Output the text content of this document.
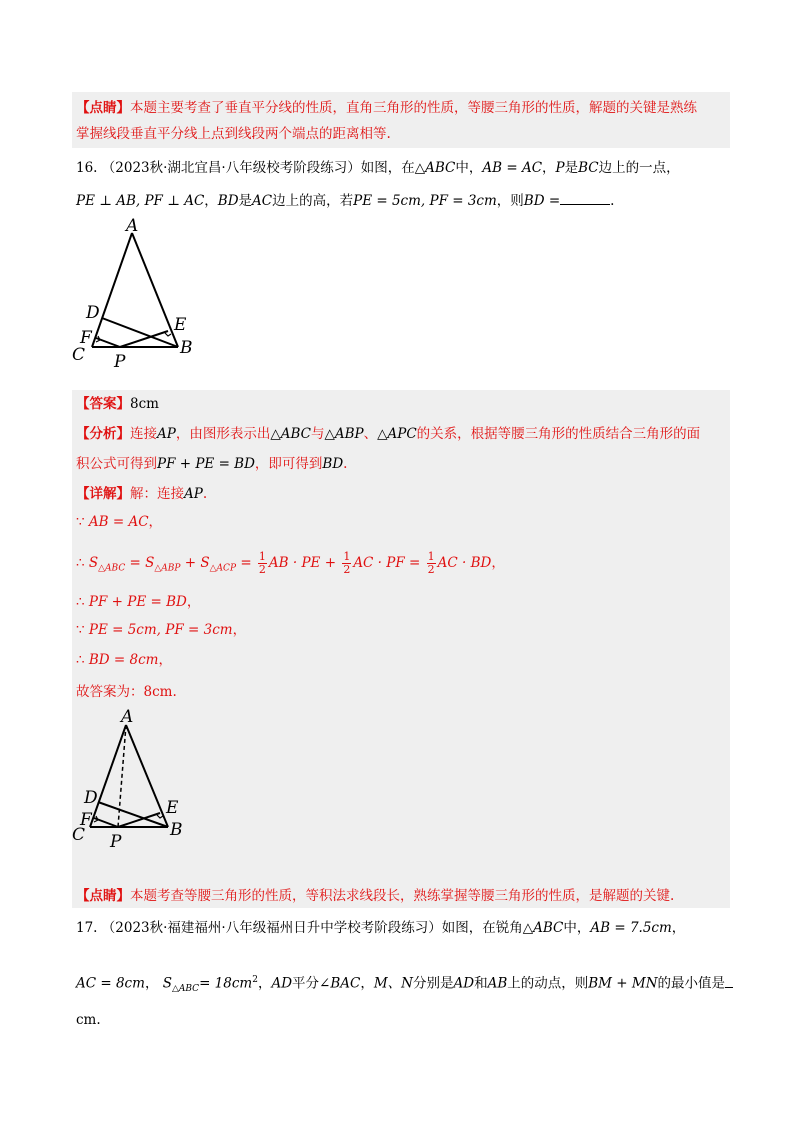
【点睛】本题主要考查了垂直平分线的性质，直角三角形的性质，等腰三角形的性质，解题的关键是熟练
掌握线段垂直平分线上点到线段两个端点的距离相等.
16. （2023秋·湖北宜昌·八年级校考阶段练习）如图，在△ABC中，AB = AC，P是BC边上的一点，
PE ⊥ AB, PF ⊥ AC，BD是AC边上的高，若PE = 5cm, PF = 3cm，则BD =	.
A
B
C
D
E
F
P
【答案】8cm
【分析】连接AP，由图形表示出△ABC与△ABP、△APC的关系，根据等腰三角形的性质结合三角形的面
积公式可得到PF + PE = BD，即可得到BD.
【详解】解：连接AP.
∵ AB = AC，
∴ $S_{\triangle ABC} = S_{\triangle ABP} + S_{\triangle ACP} = \frac{1}{2}$ AB · PE + $\frac{1}{2}$ AC · PF = $\frac{1}{2}$ AC · BD，
∴ PF + PE = BD，
∵ PE = 5cm, PF = 3cm，
∴ BD = 8cm，
故答案为：8cm.
A
B
C
D	E
F
P
【点睛】本题考查等腰三角形的性质，等积法求线段长，熟练掌握等腰三角形的性质，是解题的关键.
17. （2023秋·福建福州·八年级福州日升中学校考阶段练习）如图，在锐角△ABC中，AB = 7.5cm，
AC = 8cm， $S_{\triangle ABC}= 18cm^2$，AD平分∠BAC，M、N分别是AD和AB上的动点，则BM + MN的最小值是
cm.
